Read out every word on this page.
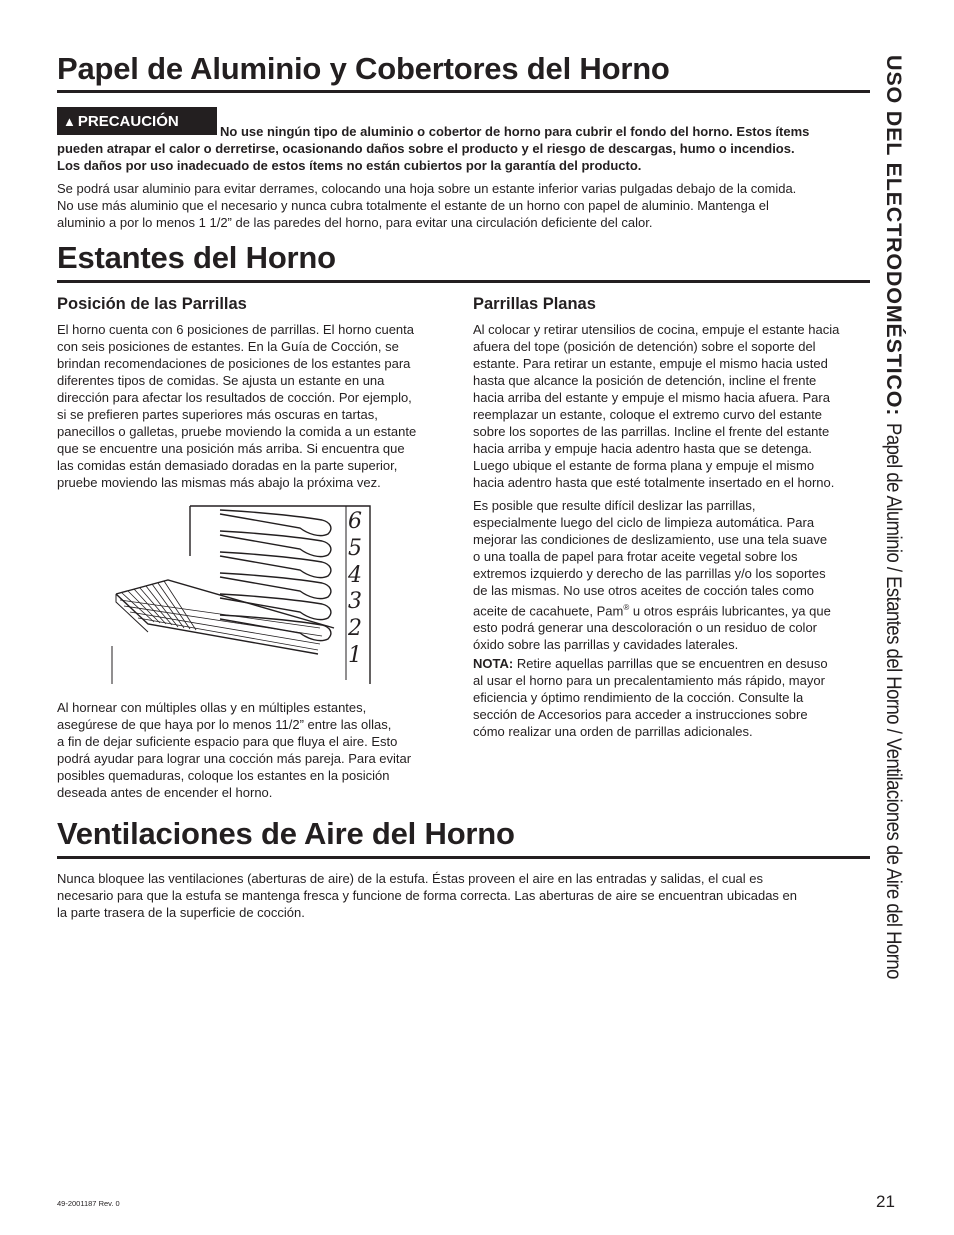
Papel de Aluminio y Cobertores del Horno
▲ PRECAUCIÓN

No use ningún tipo de aluminio o cobertor de horno para cubrir el fondo del horno. Estos ítems

pueden atrapar el calor o derretirse, ocasionando daños sobre el producto y el riesgo de descargas, humo o incendios.

Los daños por uso inadecuado de estos ítems no están cubiertos por la garantía del producto.

Se podrá usar aluminio para evitar derrames, colocando una hoja sobre un estante inferior varias pulgadas debajo de la comida.

No use más aluminio que el necesario y nunca cubra totalmente el estante de un horno con papel de aluminio. Mantenga el

aluminio a por lo menos 1 1/2” de las paredes del horno, para evitar una circulación deficiente del calor.

Estantes del Horno
Posición de las Parrillas
El horno cuenta con 6 posiciones de parrillas. El horno cuenta
con seis posiciones de estantes. En la Guía de Cocción, se
brindan recomendaciones de posiciones de los estantes para
diferentes tipos de comidas. Se ajusta un estante en una
dirección para afectar los resultados de cocción. Por ejemplo,
si se prefieren partes superiores más oscuras en tartas,
panecillos o galletas, pruebe moviendo la comida a un estante
que se encuentre una posición más arriba. Si encuentra que
las comidas están demasiado doradas en la parte superior,
pruebe moviendo las mismas más abajo la próxima vez.
6
5
4
3
2
1
Al hornear con múltiples ollas y en múltiples estantes,
asegúrese de que haya por lo menos 11/2” entre las ollas,
a fin de dejar suficiente espacio para que fluya el aire. Esto
podrá ayudar para lograr una cocción más pareja. Para evitar
posibles quemaduras, coloque los estantes en la posición
deseada antes de encender el horno.
Parrillas Planas
Al colocar y retirar utensilios de cocina, empuje el estante hacia
afuera del tope (posición de detención) sobre el soporte del
estante. Para retirar un estante, empuje el mismo hacia usted
hasta que alcance la posición de detención, incline el frente
hacia arriba del estante y empuje el mismo hacia afuera. Para
reemplazar un estante, coloque el extremo curvo del estante
sobre los soportes de las parrillas. Incline el frente del estante
hacia arriba y empuje hacia adentro hasta que se detenga.
Luego ubique el estante de forma plana y empuje el mismo
hacia adentro hasta que esté totalmente insertado en el horno.
Es posible que resulte difícil deslizar las parrillas,
especialmente luego del ciclo de limpieza automática. Para
mejorar las condiciones de deslizamiento, use una tela suave
o una toalla de papel para frotar aceite vegetal sobre los
extremos izquierdo y derecho de las parrillas y/o los soportes
de las mismas. No use otros aceites de cocción tales como
aceite de cacahuete, Pam® u otros espráis lubricantes, ya que
esto podrá generar una descoloración o un residuo de color
óxido sobre las parrillas y cavidades laterales.
NOTA: Retire aquellas parrillas que se encuentren en desuso
al usar el horno para un precalentamiento más rápido, mayor
eficiencia y óptimo rendimiento de la cocción. Consulte la
sección de Accesorios para acceder a instrucciones sobre
cómo realizar una orden de parrillas adicionales.
Ventilaciones de Aire del Horno

Nunca bloquee las ventilaciones (aberturas de aire) de la estufa. Éstas proveen el aire en las entradas y salidas, el cual es

necesario para que la estufa se mantenga fresca y funcione de forma correcta. Las aberturas de aire se encuentran ubicadas en

la parte trasera de la superficie de cocción.

USO DEL ELECTRODOMÉSTICO: Papel de Aluminio / Estantes del Horno / Ventilaciones de Aire del Horno
49-2001187 Rev. 0	21
